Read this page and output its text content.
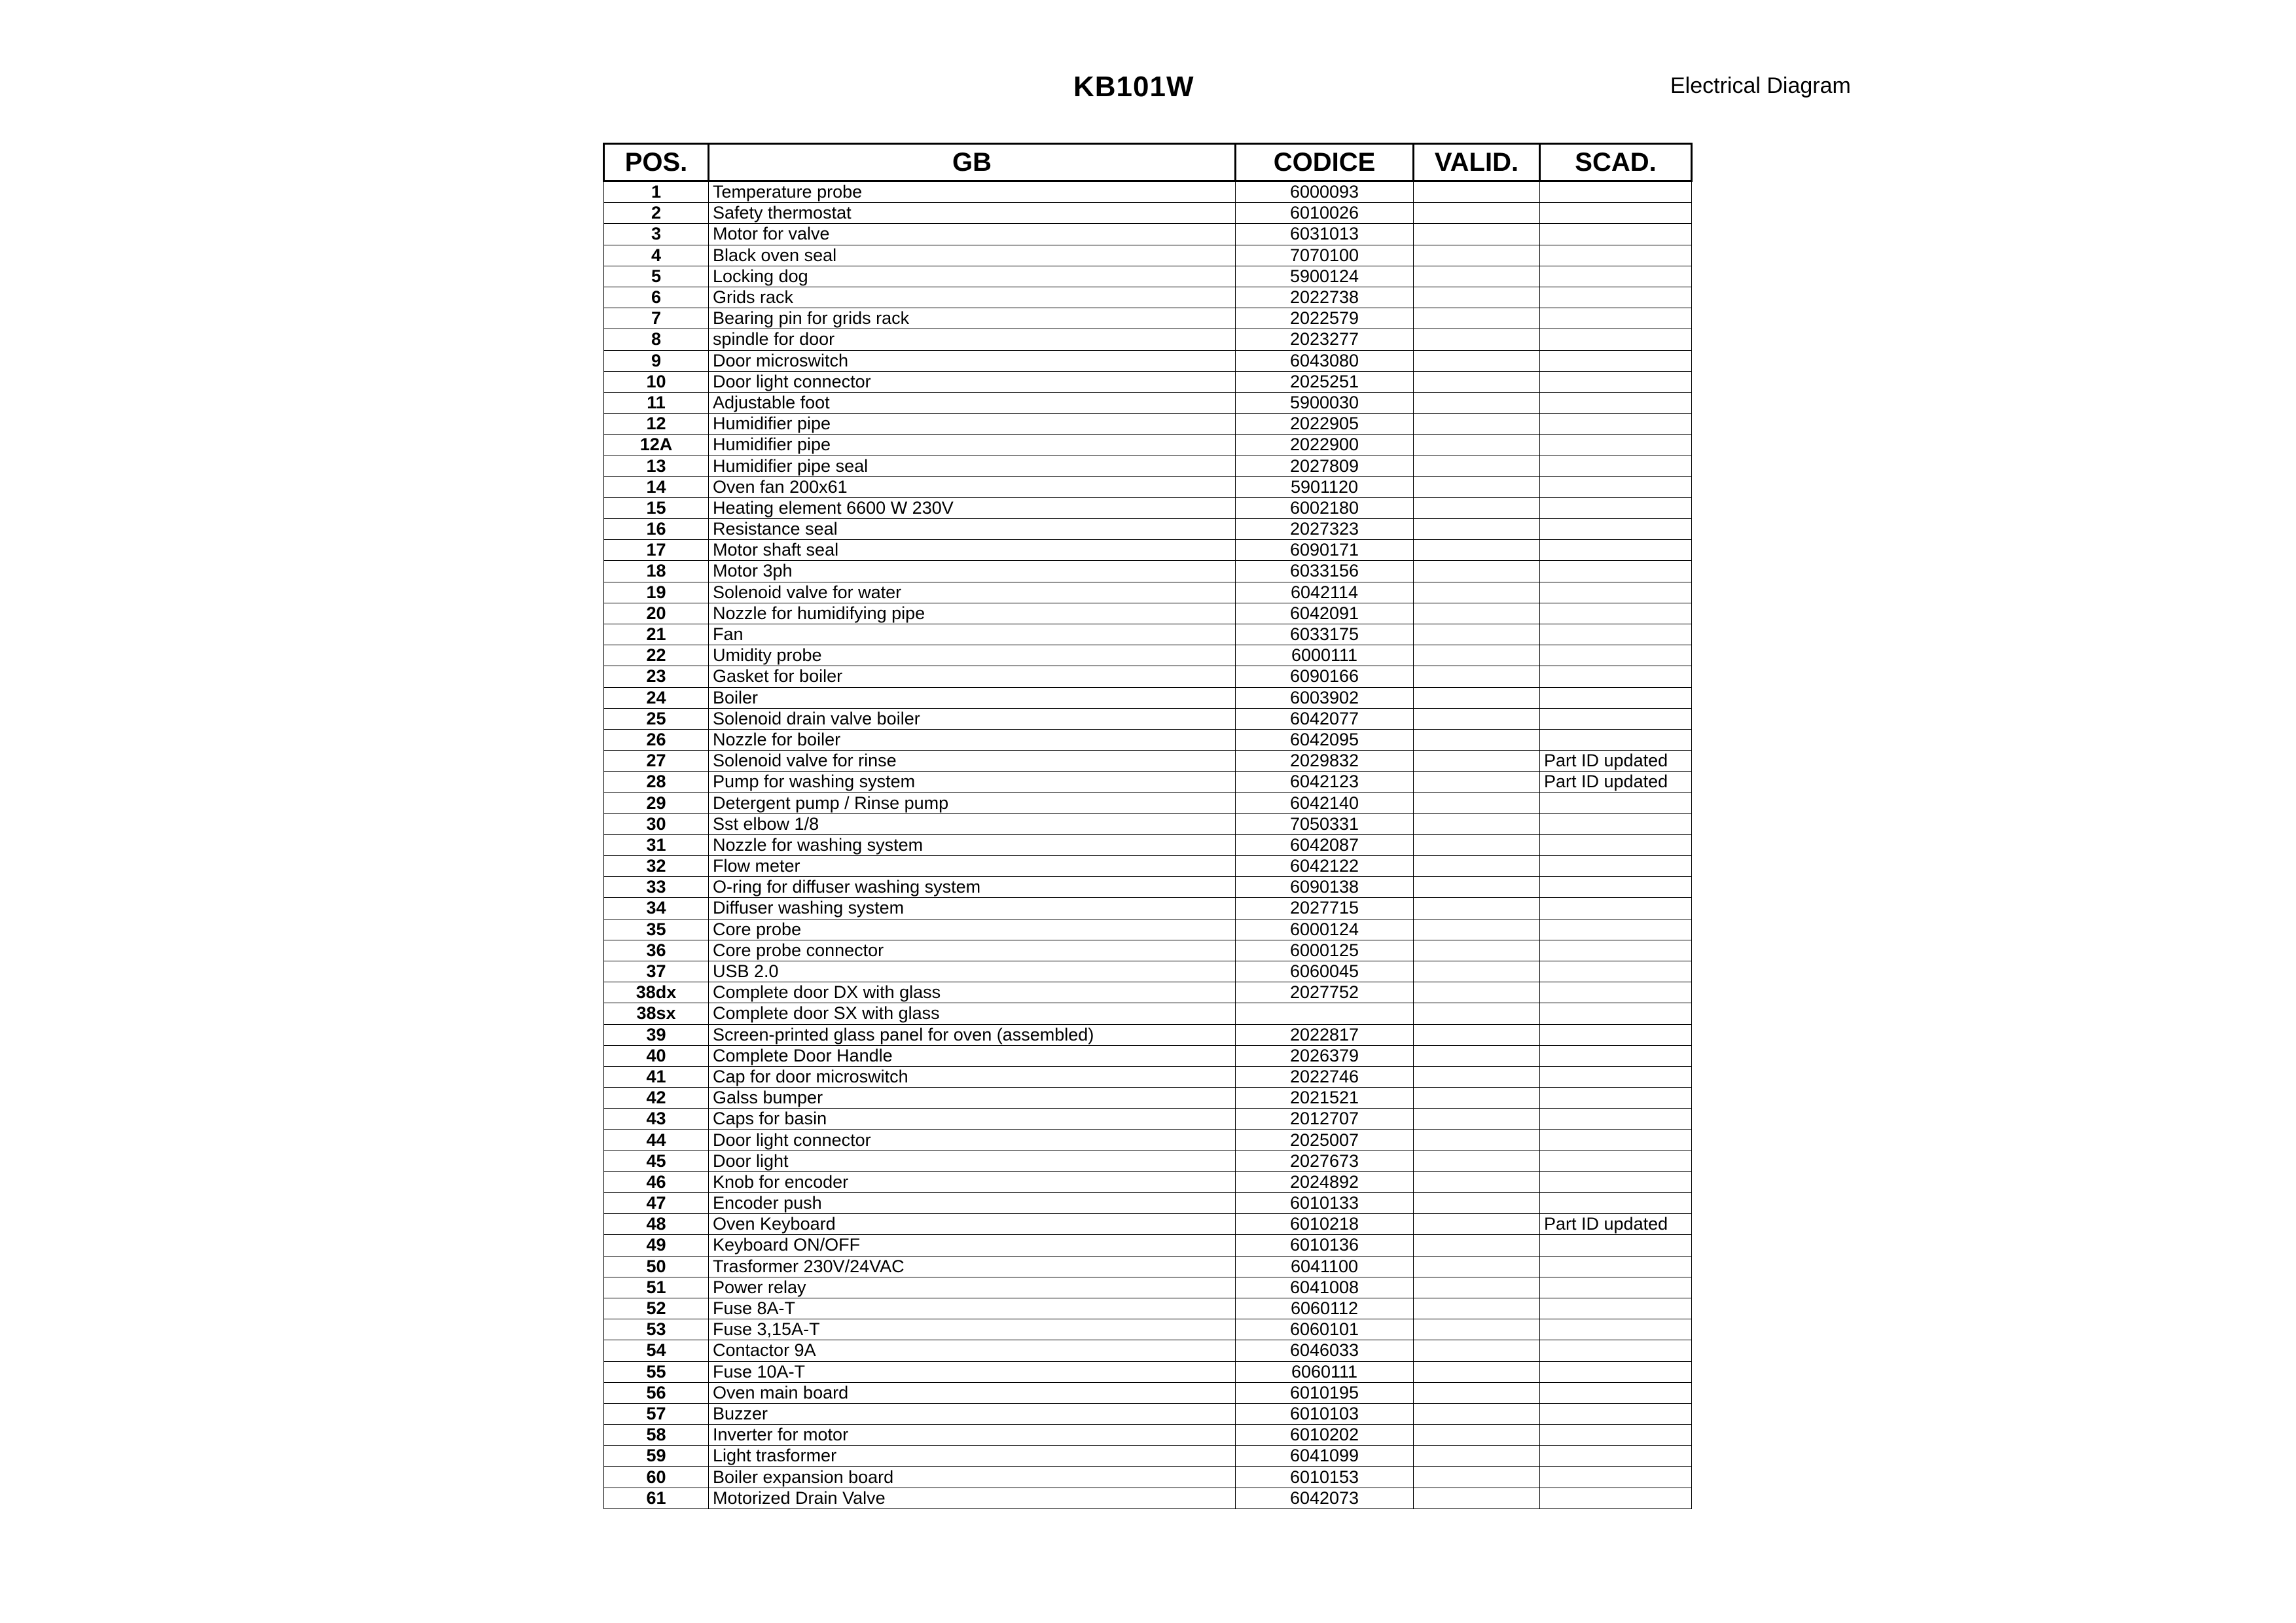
KB101W	Electrical Diagram
POS.	GB	CODICE	VALID.	SCAD.
1	Temperature probe	6000093		
2	Safety thermostat	6010026		
3	Motor for valve	6031013		
4	Black oven seal	7070100		
5	Locking dog	5900124		
6	Grids rack	2022738		
7	Bearing pin for grids rack	2022579		
8	spindle for door	2023277		
9	Door microswitch	6043080		
10	Door light connector	2025251		
11	Adjustable foot	5900030		
12	Humidifier pipe	2022905		
12A	Humidifier pipe	2022900		
13	Humidifier pipe seal	2027809		
14	Oven fan 200x61	5901120		
15	Heating element 6600 W 230V	6002180		
16	Resistance seal	2027323		
17	Motor shaft seal	6090171		
18	Motor 3ph	6033156		
19	Solenoid valve for water	6042114		
20	Nozzle for humidifying pipe	6042091		
21	Fan	6033175		
22	Umidity probe	6000111		
23	Gasket for boiler	6090166		
24	Boiler	6003902		
25	Solenoid drain valve boiler	6042077		
26	Nozzle for boiler	6042095		
27	Solenoid valve for rinse	2029832		Part ID updated
28	Pump for washing system	6042123		Part ID updated
29	Detergent pump / Rinse pump	6042140		
30	Sst elbow 1/8	7050331		
31	Nozzle for washing system	6042087		
32	Flow meter	6042122		
33	O-ring for diffuser washing system	6090138		
34	Diffuser washing system	2027715		
35	Core probe	6000124		
36	Core probe connector	6000125		
37	USB 2.0	6060045		
38dx	Complete door DX with glass	2027752		
38sx	Complete door SX with glass			
39	Screen-printed glass panel for oven (assembled)	2022817		
40	Complete Door Handle	2026379		
41	Cap for door microswitch	2022746		
42	Galss bumper	2021521		
43	Caps for basin	2012707		
44	Door light connector	2025007		
45	Door light	2027673		
46	Knob for encoder	2024892		
47	Encoder push	6010133		
48	Oven Keyboard	6010218		Part ID updated
49	Keyboard ON/OFF	6010136		
50	Trasformer 230V/24VAC	6041100		
51	Power relay	6041008		
52	Fuse 8A-T	6060112		
53	Fuse 3,15A-T	6060101		
54	Contactor 9A	6046033		
55	Fuse 10A-T	6060111		
56	Oven main board	6010195		
57	Buzzer	6010103		
58	Inverter for motor	6010202		
59	Light trasformer	6041099		
60	Boiler expansion board	6010153		
61	Motorized Drain Valve	6042073		
